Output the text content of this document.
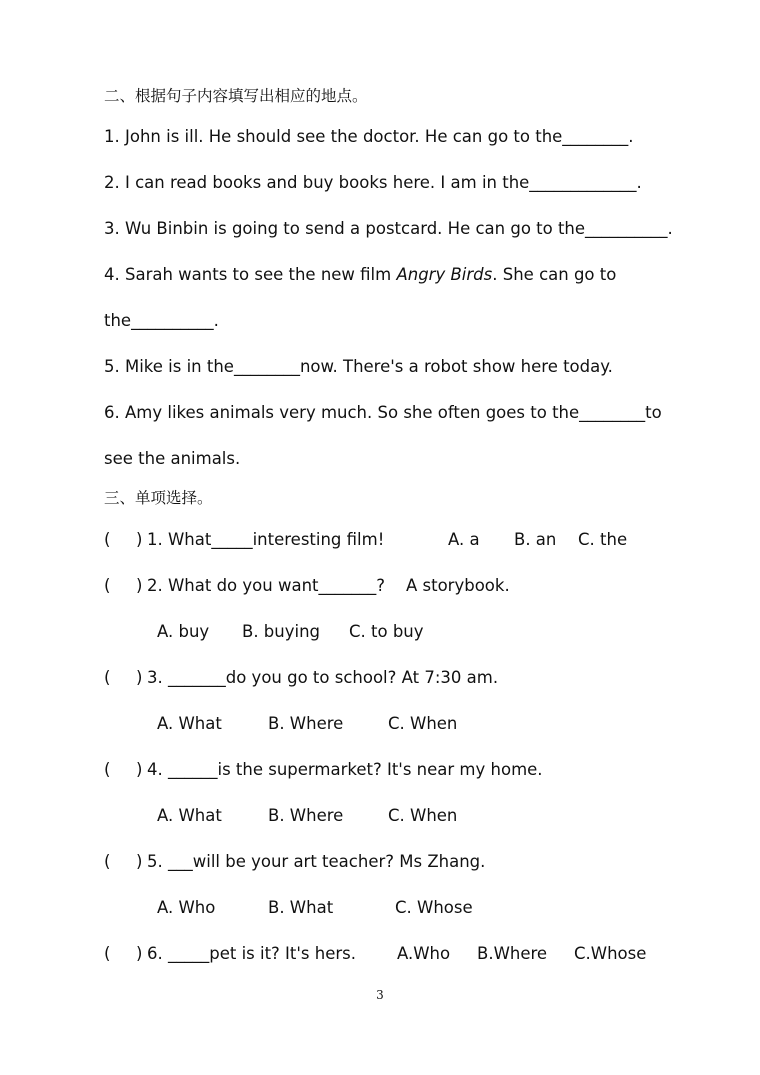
二、根据句子内容填写出相应的地点。
1. John is ill. He should see the doctor. He can go to the________.
2. I can read books and buy books here. I am in the_____________.
3. Wu Binbin is going to send a postcard. He can go to the__________.
4. Sarah wants to see the new film Angry Birds. She can go to
the__________.
5. Mike is in the________now. There's a robot show here today.
6. Amy likes animals very much. So she often goes to the________to
see the animals.
三、单项选择。
( ) 1. What_____interesting film!	A. a B. an C. the
( ) 2. What do you want_______?    A storybook.
A. buy B. buying C. to buy
( ) 3. _______do you go to school? At 7:30 am.
A. What	B. Where	C. When
( ) 4. ______is the supermarket? It's near my home.
A. What	B. Where	C. When
( ) 5. ___will be your art teacher? Ms Zhang.
A. Who	B. What	C. Whose
( ) 6. _____pet is it? It's hers. A.Who B.Where C.Whose
3
